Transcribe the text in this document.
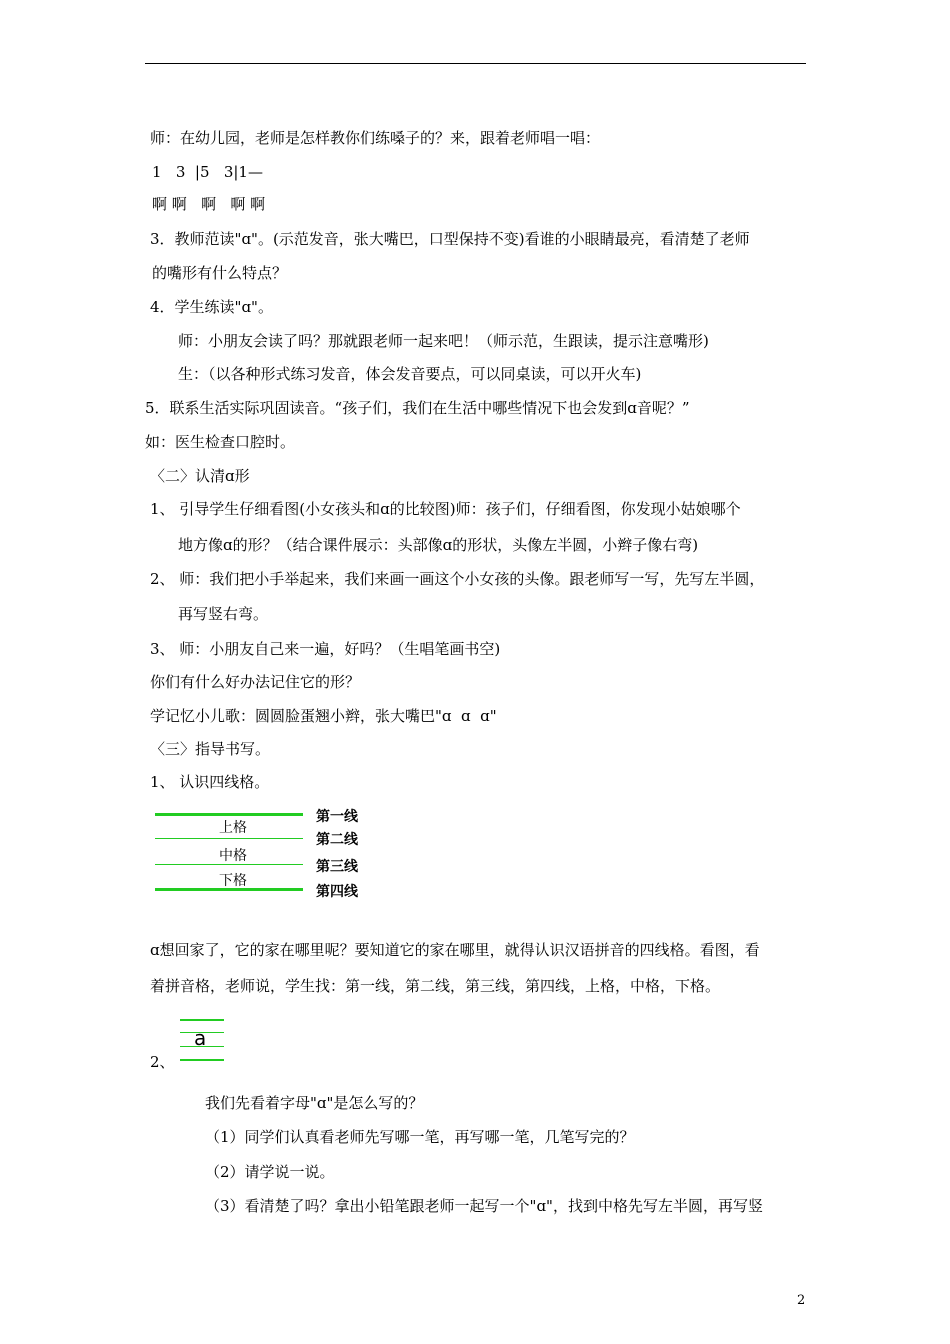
师：在幼儿园，老师是怎样教你们练嗓子的？来，跟着老师唱一唱：
1   3  |5   3|1—
啊 啊   啊   啊 啊
3．教师范读"ɑ"。(示范发音，张大嘴巴，口型保持不变)看谁的小眼睛最亮，看清楚了老师
的嘴形有什么特点？
4．学生练读"ɑ"。
师：小朋友会读了吗？那就跟老师一起来吧！（师示范，生跟读，提示注意嘴形)
生：（以各种形式练习发音，体会发音要点，可以同桌读，可以开火车)
5．联系生活实际巩固读音。“孩子们，我们在生活中哪些情况下也会发到ɑ音呢？”
如：医生检查口腔时。
〈二〉认清ɑ形
1、 引导学生仔细看图(小女孩头和ɑ的比较图)师：孩子们，仔细看图，你发现小姑娘哪个
地方像ɑ的形？（结合课件展示：头部像ɑ的形状，头像左半圆，小辫子像右弯)
2、 师：我们把小手举起来，我们来画一画这个小女孩的头像。跟老师写一写，先写左半圆，
再写竖右弯。
3、 师：小朋友自己来一遍，好吗？（生唱笔画书空)
你们有什么好办法记住它的形？
学记忆小儿歌：圆圆脸蛋翘小辫，张大嘴巴"ɑ  ɑ  ɑ"
〈三〉指导书写。
1、 认识四线格。
上格
中格
下格
第一线
第二线
第三线
第四线
ɑ想回家了，它的家在哪里呢？要知道它的家在哪里，就得认识汉语拼音的四线格。看图，看
着拼音格，老师说，学生找：第一线，第二线，第三线，第四线，上格，中格，下格。
a
2、
我们先看着字母"ɑ"是怎么写的？
（1）同学们认真看老师先写哪一笔，再写哪一笔，几笔写完的？
（2）请学说一说。
（3）看清楚了吗？拿出小铅笔跟老师一起写一个"ɑ"，找到中格先写左半圆，再写竖
2
